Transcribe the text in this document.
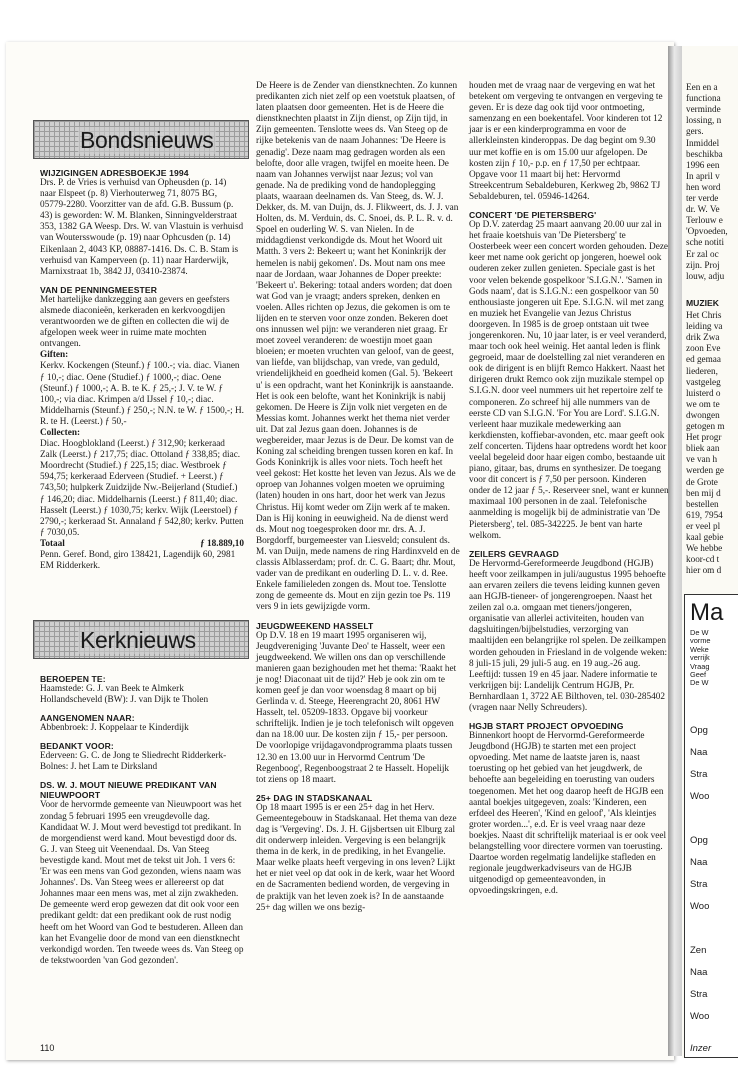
Bondsnieuws
WIJZIGINGEN ADRESBOEKJE 1994

Drs. P. de Vries is verhuisd van Opheusden (p. 14) naar Elspeet (p. 8) Vierhouterweg 71, 8075 BG, 05779-2280. Voorzitter van de afd. G.B. Bussum (p. 43) is geworden: W. M. Blanken, Sinningvelderstraat 353, 1382 GA Weesp. Drs. W. van Vlastuin is verhuisd van Woutersswoude (p. 19) naar Ophcusden (p. 14) Eikenlaan 2, 4043 KP, 08887-1416. Ds. C. B. Stam is verhuisd van Kamperveen (p. 11) naar Harderwijk, Marnixstraat 1b, 3842 JJ, 03410-23874.

VAN DE PENNINGMEESTER

Met hartelijke dankzegging aan gevers en geefsters alsmede diaconieën, kerkeraden en kerkvoogdijen verantwoorden we de giften en collecten die wij de afgelopen week weer in ruime mate mochten ontvangen.

Giften:

Kerkv. Kockengen (Steunf.) ƒ 100.-; via. diac. Vianen ƒ 10,-; diac. Oene (Studief.) ƒ 1000,-; diac. Oene (Steunf.) ƒ 1000,-; A. B. te K. ƒ 25,-; J. V. te W. ƒ 100,-; via diac. Krimpen a/d IJssel ƒ 10,-; diac. Middelharnis (Steunf.) ƒ 250,-; N.N. te W. ƒ 1500,-; H. R. te H. (Leerst.) ƒ 50,-

Collecten:

Diac. Hoogblokland (Leerst.) ƒ 312,90; kerkeraad Zalk (Leerst.) ƒ 217,75; diac. Ottoland ƒ 338,85; diac. Moordrecht (Studief.) ƒ 225,15; diac. Westbroek ƒ 594,75; kerkeraad Ederveen (Studief. + Leerst.) ƒ 743,50; hulpkerk Zuidzijde Nw.-Beijerland (Studief.) ƒ 146,20; diac. Middelharnis (Leerst.) ƒ 811,40; diac. Hasselt (Leerst.) ƒ 1030,75; kerkv. Wijk (Leerstoel) ƒ 2790,-; kerkeraad St. Annaland ƒ 542,80; kerkv. Putten ƒ 7030,05.

Totaal	ƒ 18.889,10

Penn. Geref. Bond, giro 138421, Lagendijk 60, 2981 EM Ridderkerk.

Kerknieuws
BEROEPEN TE:

Haamstede: G. J. van Beek te Almkerk Hollandscheveld (BW): J. van Dijk te Tholen

AANGENOMEN NAAR:

Abbenbroek: J. Koppelaar te Kinderdijk

BEDANKT VOOR:

Ederveen: G. C. de Jong te Sliedrecht Ridderkerk-Bolnes: J. het Lam te Dirksland

DS. W. J. MOUT NIEUWE PREDIKANT VAN NIEUWPOORT

Voor de hervormde gemeente van Nieuwpoort was het zondag 5 februari 1995 een vreugdevolle dag. Kandidaat W. J. Mout werd bevestigd tot predikant. In de morgendienst werd kand. Mout bevestigd door ds. G. J. van Steeg uit Veenendaal. Ds. Van Steeg bevestigde kand. Mout met de tekst uit Joh. 1 vers 6: 'Er was een mens van God gezonden, wiens naam was Johannes'. Ds. Van Steeg wees er allereerst op dat Johannes maar een mens was, met al zijn zwakheden. De gemeente werd erop gewezen dat dit ook voor een predikant geldt: dat een predikant ook de rust nodig heeft om het Woord van God te bestuderen. Alleen dan kan het Evangelie door de mond van een dienstknecht verkondigd worden. Ten tweede wees ds. Van Steeg op de tekstwoorden 'van God gezonden'.

De Heere is de Zender van dienstknechten. Zo kunnen predikanten zich niet zelf op een voetstuk plaatsen, of laten plaatsen door gemeenten. Het is de Heere die dienstknechten plaatst in Zijn dienst, op Zijn tijd, in Zijn gemeenten. Tenslotte wees ds. Van Steeg op de rijke betekenis van de naam Johannes: 'De Heere is genadig'. Deze naam mag gedragen worden als een belofte, door alle vragen, twijfel en moeite heen. De naam van Johannes verwijst naar Jezus; vol van genade. Na de prediking vond de handoplegging plaats, waaraan deelnamen ds. Van Steeg, ds. W. J. Dekker, ds. M. van Duijn, ds. J. Flikweert, ds. J. J. van Holten, ds. M. Verduin, ds. C. Snoei, ds. P. L. R. v. d. Spoel en ouderling W. S. van Nielen. In de middagdienst verkondigde ds. Mout het Woord uit Matth. 3 vers 2: Bekeert u; want het Koninkrijk der hemelen is nabij gekomen'. Ds. Mout nam ons mee naar de Jordaan, waar Johannes de Doper preekte: 'Bekeert u'. Bekering: totaal anders worden; dat doen wat God van je vraagt; anders spreken, denken en voelen. Alles richten op Jezus, die gekomen is om te lijden en te sterven voor onze zonden. Bekeren doet ons innussen wel pijn: we veranderen niet graag. Er moet zoveel veranderen: de woestijn moet gaan bloeien; er moeten vruchten van geloof, van de geest, van liefde, van blijdschap, van vrede, van geduld, vriendelijkheid en goedheid komen (Gal. 5). 'Bekeert u' is een opdracht, want het Koninkrijk is aanstaande. Het is ook een belofte, want het Koninkrijk is nabij gekomen. De Heere is Zijn volk niet vergeten en de Messias komt. Johannes werkt het thema niet verder uit. Dat zal Jezus gaan doen. Johannes is de wegbereider, maar Jezus is de Deur. De komst van de Koning zal scheiding brengen tussen koren en kaf. In Gods Koninkrijk is alles voor niets. Toch heeft het veel gekost: Het kostte het leven van Jezus. Als we de oproep van Johannes volgen moeten we opruiming (laten) houden in ons hart, door het werk van Jezus Christus. Hij komt weder om Zijn werk af te maken. Dan is Hij koning in eeuwigheid. Na de dienst werd ds. Mout nog toegesproken door mr. drs. A. J. Borgdorff, burgemeester van Liesveld; consulent ds. M. van Duijn, mede namens de ring Hardinxveld en de classis Alblasserdam; prof. dr. C. G. Baart; dhr. Mout, vader van de predikant en ouderling D. L. v. d. Ree. Enkele familieleden zongen ds. Mout toe. Tenslotte zong de gemeente ds. Mout en zijn gezin toe Ps. 119 vers 9 in iets gewijzigde vorm.

JEUGDWEEKEND HASSELT

Op D.V. 18 en 19 maart 1995 organiseren wij, Jeugdvereniging 'Juvante Deo' te Hasselt, weer een jeugdweekend. We willen ons dan op verschillende manieren gaan bezighouden met het thema: 'Raakt het je nog! Diaconaat uit de tijd?' Heb je ook zin om te komen geef je dan voor woensdag 8 maart op bij Gerlinda v. d. Steege, Heerengracht 20, 8061 HW Hasselt, tel. 05209-1833. Opgave bij voorkeur schriftelijk. Indien je je toch telefonisch wilt opgeven dan na 18.00 uur. De kosten zijn ƒ 15,- per persoon. De voorlopige vrijdagavondprogramma plaats tussen 12.30 en 13.00 uur in Hervormd Centrum 'De Regenboog', Regenboogstraat 2 te Hasselt. Hopelijk tot ziens op 18 maart.

25+ DAG IN STADSKANAAL

Op 18 maart 1995 is er een 25+ dag in het Herv. Gemeentegebouw in Stadskanaal. Het thema van deze dag is 'Vergeving'. Ds. J. H. Gijsbertsen uit Elburg zal dit onderwerp inleiden. Vergeving is een belangrijk thema in de kerk, in de prediking, in het Evangelie. Maar welke plaats heeft vergeving in ons leven? Lijkt het er niet veel op dat ook in de kerk, waar het Woord en de Sacramenten bediend worden, de vergeving in de praktijk van het leven zoek is? In de aanstaande 25+ dag willen we ons bezig-

houden met de vraag naar de vergeving en wat het betekent om vergeving te ontvangen en vergeving te geven. Er is deze dag ook tijd voor ontmoeting, samenzang en een boekentafel. Voor kinderen tot 12 jaar is er een kinderprogramma en voor de allerkleinsten kinderoppas. De dag begint om 9.30 uur met koffie en is om 15.00 uur afgelopen. De kosten zijn ƒ 10,- p.p. en ƒ 17,50 per echtpaar. Opgave voor 11 maart bij het: Hervormd Streekcentrum Sebaldeburen, Kerkweg 2b, 9862 TJ Sebaldeburen, tel. 05946-14264.

CONCERT 'DE PIETERSBERG'

Op D.V. zaterdag 25 maart aanvang 20.00 uur zal in het fraaie koetshuis van 'De Pietersberg' te Oosterbeek weer een concert worden gehouden. Deze keer met name ook gericht op jongeren, hoewel ook ouderen zeker zullen genieten. Speciale gast is het voor velen bekende gospelkoor 'S.I.G.N.'. 'Samen in Gods naam', dat is S.I.G.N.: een gospelkoor van 50 enthousiaste jongeren uit Epe. S.I.G.N. wil met zang en muziek het Evangelie van Jezus Christus doorgeven. In 1985 is de groep ontstaan uit twee jongerenkoren. Nu, 10 jaar later, is er veel veranderd, maar toch ook heel weinig. Het aantal leden is flink gegroeid, maar de doelstelling zal niet veranderen en ook de dirigent is en blijft Remco Hakkert. Naast het dirigeren drukt Remco ook zijn muzikale stempel op S.I.G.N. door veel nummers uit het repertoire zelf te componeren. Zo schreef hij alle nummers van de eerste CD van S.I.G.N. 'For You are Lord'. S.I.G.N. verleent haar muzikale medewerking aan kerkdiensten, koffiebar-avonden, etc. maar geeft ook zelf concerten. Tijdens haar optredens wordt het koor veelal begeleid door haar eigen combo, bestaande uit piano, gitaar, bas, drums en synthesizer. De toegang voor dit concert is ƒ 7,50 per persoon. Kinderen onder de 12 jaar ƒ 5,-. Reserveer snel, want er kunnen maximaal 100 personen in de zaal. Telefonische aanmelding is mogelijk bij de administratie van 'De Pietersberg', tel. 085-342225. Je bent van harte welkom.

ZEILERS GEVRAAGD

De Hervormd-Gereformeerde Jeugdbond (HGJB) heeft voor zeilkampen in juli/augustus 1995 behoefte aan ervaren zeilers die tevens leiding kunnen geven aan HGJB-tieneer- of jongerengroepen. Naast het zeilen zal o.a. omgaan met tieners/jongeren, organisatie van allerlei activiteiten, houden van dagsluitingen/bijbelstudies, verzorging van maaltijden een belangrijke rol spelen. De zeilkampen worden gehouden in Friesland in de volgende weken: 8 juli-15 juli, 29 juli-5 aug. en 19 aug.-26 aug. Leeftijd: tussen 19 en 45 jaar. Nadere informatie te verkrijgen bij: Landelijk Centrum HGJB, Pr. Bernhardlaan 1, 3722 AE Bilthoven, tel. 030-285402 (vragen naar Nelly Schreuders).

HGJB START PROJECT OPVOEDING

Binnenkort hoopt de Hervormd-Gereformeerde Jeugdbond (HGJB) te starten met een project opvoeding. Met name de laatste jaren is, naast toerusting op het gebied van het jeugdwerk, de behoefte aan begeleiding en toerusting van ouders toegenomen. Met het oog daarop heeft de HGJB een aantal boekjes uitgegeven, zoals: 'Kinderen, een erfdeel des Heeren', 'Kind en geloof', 'Als kleintjes groter worden...', e.d. Er is veel vraag naar deze boekjes. Naast dit schriftelijk materiaal is er ook veel belangstelling voor directere vormen van toerusting. Daartoe worden regelmatig landelijke stafleden en regionale jeugdwerkadviseurs van de HGJB uitgenodigd op gemeenteavonden, in opvoedingskringen, e.d.

110
Een en a
functiona
verminde
lossing, n
gers.
Inmiddel
beschikba
1996 een
In april v
hen word
ter verde
dr. W. Ve
Terlouw e
'Opvoeden,
sche notiti
Er zal oc
zijn. Proj
louw, adju
MUZIEK
Het Chris
leiding va
drik Zwa
zoon Eve
ed gemaa
liederen,
vastgeleg
luisterd o
we om te
dwongen
getogen m
Het progr
bliek aan
ve van h
werden ge
de Grote
ben mij d
bestellen
619, 7954
er veel pl
kaal gebie
We hebbe
koor-cd t
hier om d
Ma
De W
vorme
Weke
verrijk
Vraag
Geef
De W
Opg
Naa
Stra
Woo
Opg
Naa
Stra
Woo
Zen
Naa
Stra
Woo
Inzer
